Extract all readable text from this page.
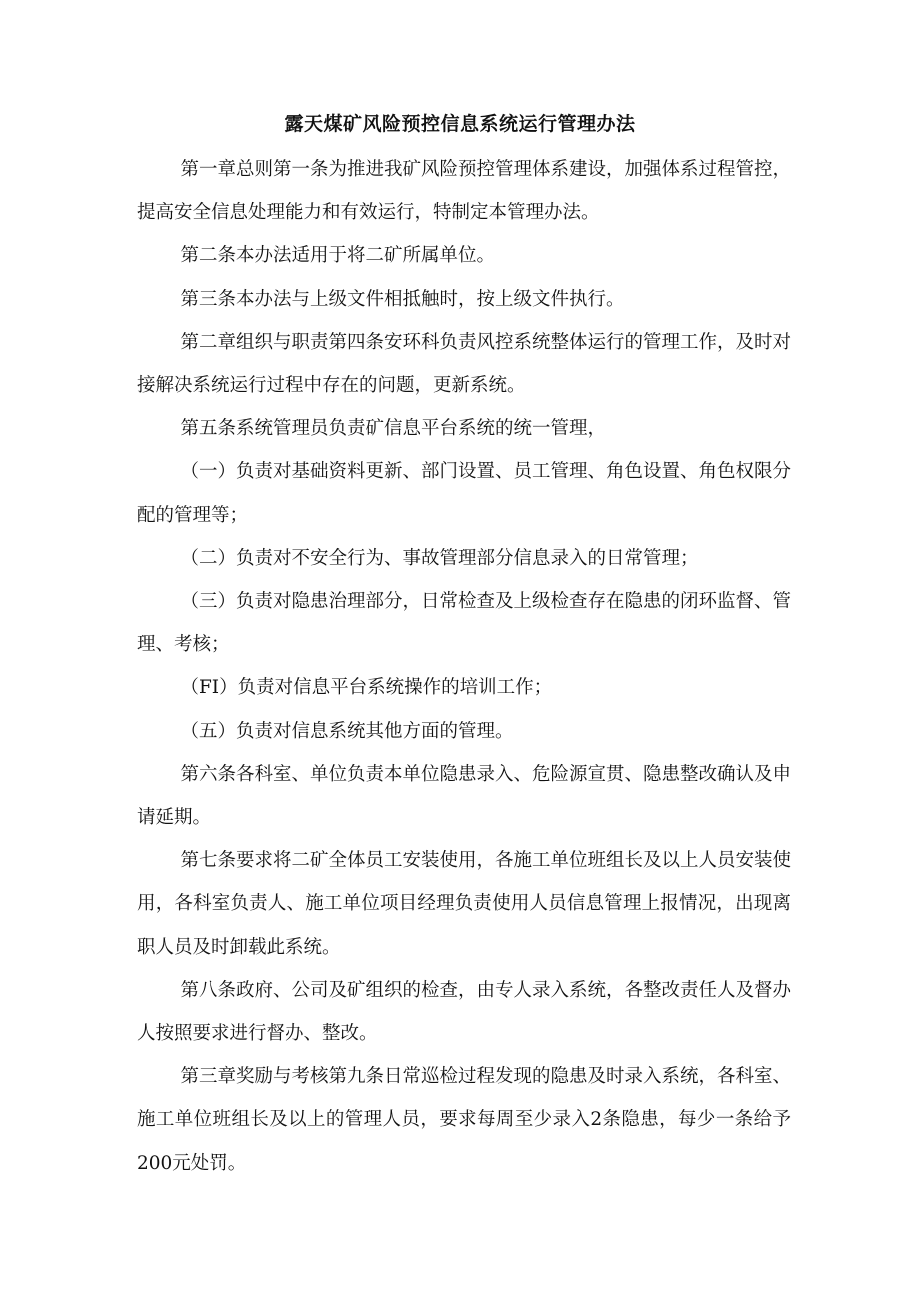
露天煤矿风险预控信息系统运行管理办法

第一章总则第一条为推进我矿风险预控管理体系建设，加强体系过程管控，提高安全信息处理能力和有效运行，特制定本管理办法。

第二条本办法适用于将二矿所属单位。

第三条本办法与上级文件相抵触时，按上级文件执行。

第二章组织与职责第四条安环科负责风控系统整体运行的管理工作，及时对接解决系统运行过程中存在的问题，更新系统。

第五条系统管理员负责矿信息平台系统的统一管理，

（一）负责对基础资料更新、部门设置、员工管理、角色设置、角色权限分配的管理等；

（二）负责对不安全行为、事故管理部分信息录入的日常管理；

（三）负责对隐患治理部分，日常检查及上级检查存在隐患的闭环监督、管理、考核；

（FI）负责对信息平台系统操作的培训工作；

（五）负责对信息系统其他方面的管理。

第六条各科室、单位负责本单位隐患录入、危险源宣贯、隐患整改确认及申请延期。

第七条要求将二矿全体员工安装使用，各施工单位班组长及以上人员安装使用，各科室负责人、施工单位项目经理负责使用人员信息管理上报情况，出现离职人员及时卸载此系统。

第八条政府、公司及矿组织的检查，由专人录入系统，各整改责任人及督办人按照要求进行督办、整改。

第三章奖励与考核第九条日常巡检过程发现的隐患及时录入系统，各科室、施工单位班组长及以上的管理人员，要求每周至少录入2条隐患，每少一条给予200元处罚。
